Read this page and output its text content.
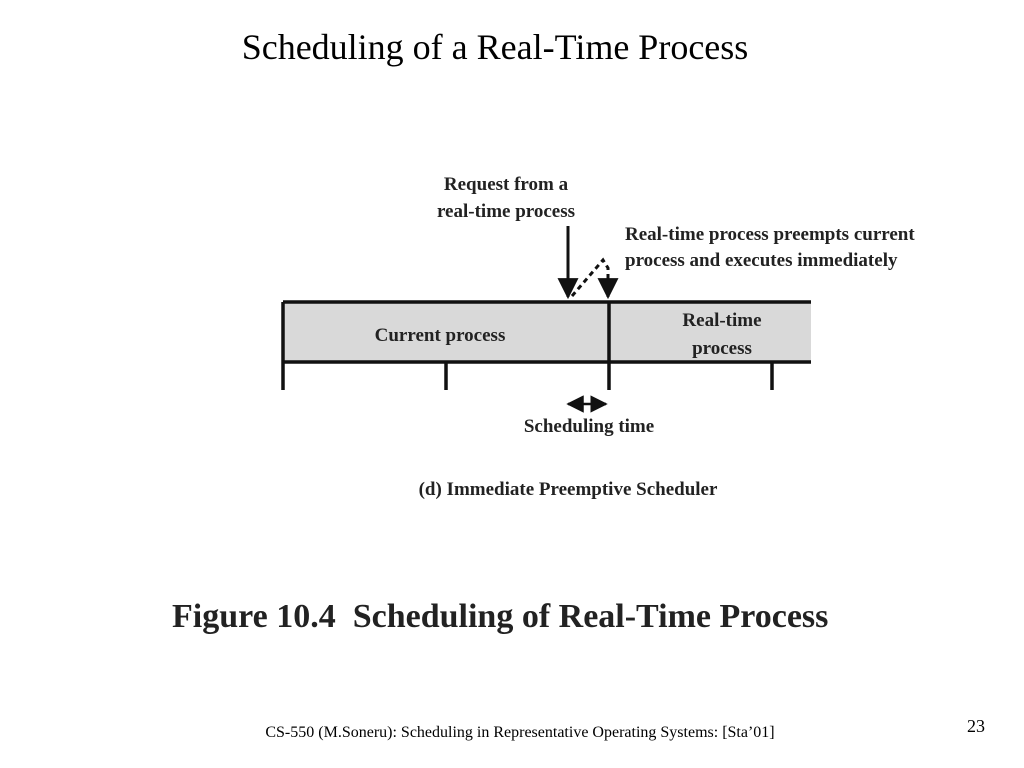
Scheduling of a Real-Time Process
Request from a
real-time process
Real-time process preempts current
process and executes immediately
Current process
Real-time
process
Scheduling time
(d) Immediate Preemptive Scheduler
Figure 10.4 Scheduling of Real-Time Process
CS-550 (M.Soneru): Scheduling in Representative Operating Systems: [Sta’01]	23
